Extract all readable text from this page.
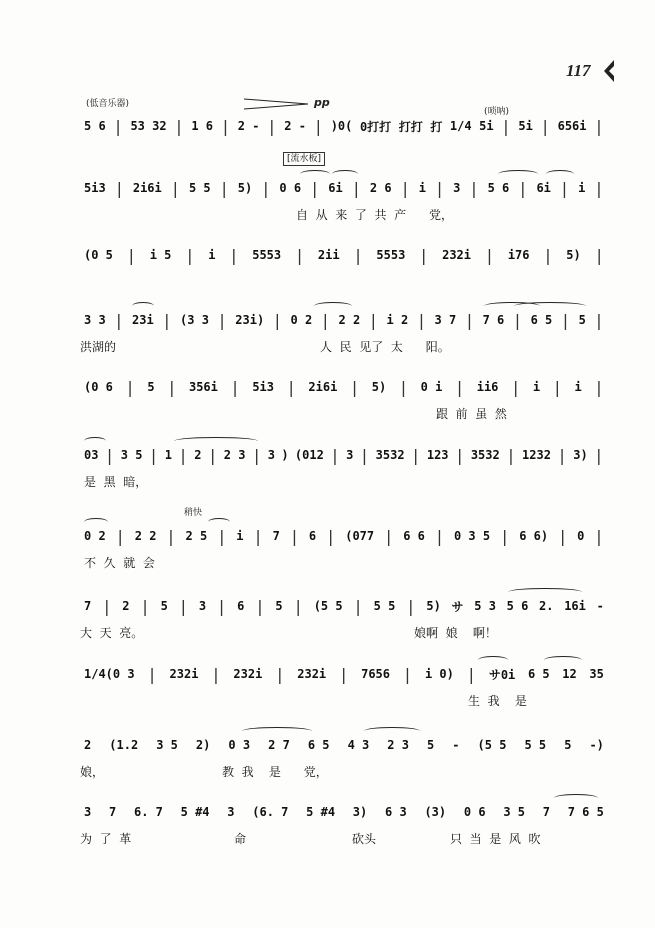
117
(低音乐器)	pp
(唢呐)
[流水板]
稍快
5 6 | 53 32 | 1 6 | 2 - | 2 - | )0( 0打打 打打 打 1/4 5i | 5i | 656i |
5i3 | 2i6i | 5 5 | 5) | 0 6 | 6i | 2 6 | i | 3 | 5 6 | 6i | i |
自  从  来  了  共  产      党，
(0 5 | i 5 | i | 5553 | 2ii | 5553 | 232i | i76 | 5) |
3 3 | 23i | (3 3 | 23i) | 0 2 | 2 2 | i 2 | 3 7 | 7 6 | 6 5 | 5 |
洪湖的	人  民  见了  太      阳。
(0 6 | 5 | 356i | 5i3 | 2i6i | 5) | 0 i | ii6 | i | i |
跟  前  虽  然
03 | 3 5 | 1 | 2 | 2 3 | 3 ) (012 | 3 | 3532 | 123 | 3532 | 1232 | 3) |
是  黑  暗，
0 2 | 2 2 | 2 5 | i | 7 | 6 | (077 | 6 6 | 0 3 5 | 6 6) | 0 |
不  久  就  会
7 | 2 | 5 | 3 | 6 | 5 | (5 5 | 5 5 | 5) サ 5 3 5 6 2. 16i -
大  天  亮。	娘啊  娘    啊！
1/4(0 3 | 232i | 232i | 232i | 7656 | i 0) | サ0i 6 5 12 35
生  我    是
2 (1.2 3 5 2) 0 3 2 7 6 5 4 3 2 3 5 - (5 5 5 5 5 -)
娘，	教  我    是      党，
3 7 6. 7 5 #4 3 (6. 7 5 #4 3) 6 3 (3) 0 6 3 5 7 7 6 5
为  了  革	命	砍头	只  当  是  风  吹
